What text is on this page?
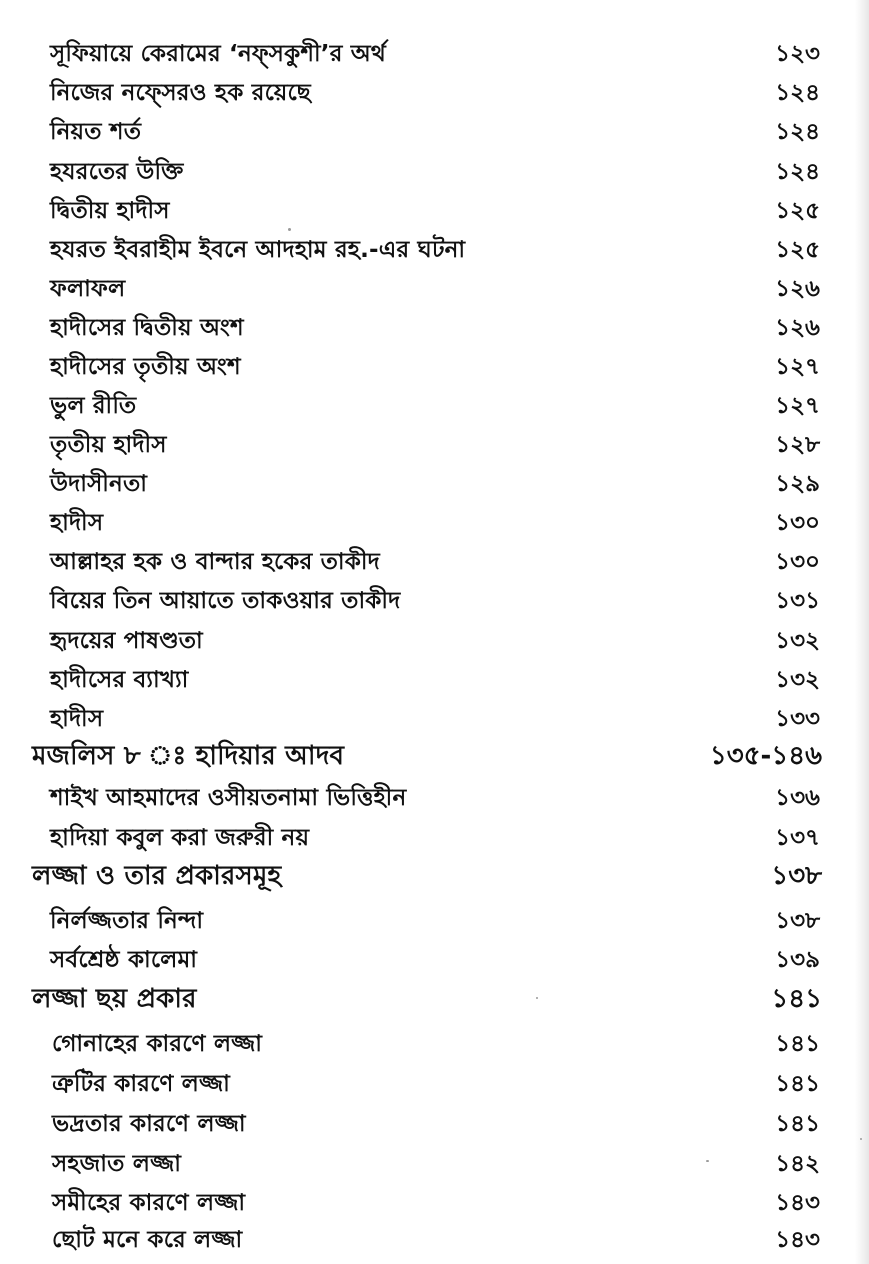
সূফিয়ায়ে কেরামের ‘নফ্সকুশী’র অর্থ	১২৩
নিজের নফ্সেরও হক রয়েছে	১২৪
নিয়ত শর্ত	১২৪
হযরতের উক্তি	১২৪
দ্বিতীয় হাদীস	১২৫
হযরত ইবরাহীম ইবনে আদহাম রহ.-এর ঘটনা	১২৫
ফলাফল	১২৬
হাদীসের দ্বিতীয় অংশ	১২৬
হাদীসের তৃতীয় অংশ	১২৭
ভুল রীতি	১২৭
তৃতীয় হাদীস	১২৮
উদাসীনতা	১২৯
হাদীস	১৩০
আল্লাহর হক ও বান্দার হকের তাকীদ	১৩০
বিয়ের তিন আয়াতে তাকওয়ার তাকীদ	১৩১
হৃদয়ের পাষণ্ডতা	১৩২
হাদীসের ব্যাখ্যা	১৩২
হাদীস	১৩৩
মজলিস ৮ ঃ হাদিয়ার আদব	১৩৫-১৪৬
শাইখ আহমাদের ওসীয়তনামা ভিত্তিহীন	১৩৬
হাদিয়া কবুল করা জরুরী নয়	১৩৭
লজ্জা ও তার প্রকারসমূহ	১৩৮
নির্লজ্জতার নিন্দা	১৩৮
সর্বশ্রেষ্ঠ কালেমা	১৩৯
লজ্জা ছয় প্রকার	১৪১
গোনাহের কারণে লজ্জা	১৪১
ত্রুটির কারণে লজ্জা	১৪১
ভদ্রতার কারণে লজ্জা	১৪১
সহজাত লজ্জা	১৪২
সমীহের কারণে লজ্জা	১৪৩
ছোট মনে করে লজ্জা	১৪৩
